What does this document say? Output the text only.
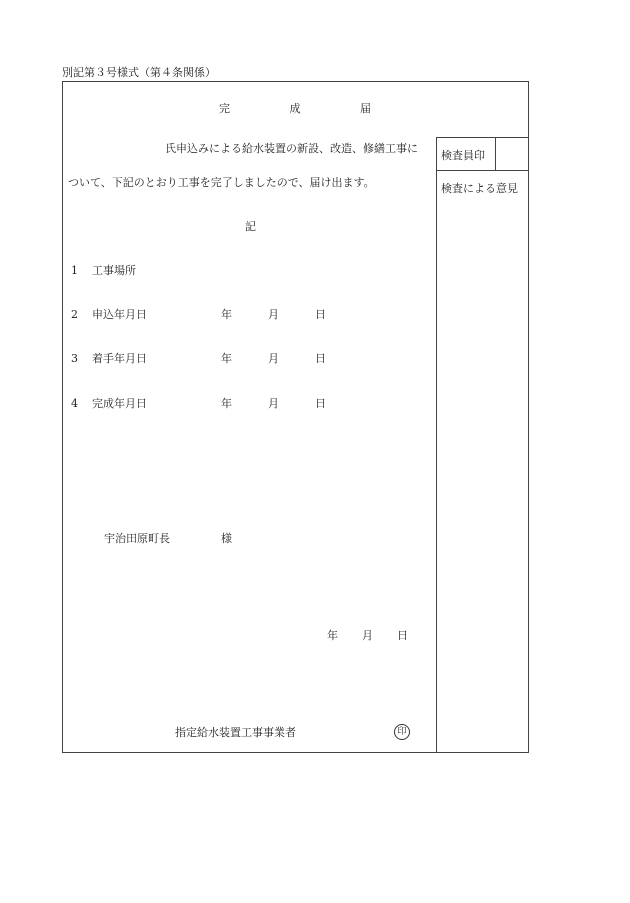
別記第３号様式（第４条関係）
完	成	届
氏申込みによる給水装置の新設、改造、修繕工事に
ついて、下記のとおり工事を完了しましたので、届け出ます。
記
1 工事場所
2 申込年月日	年	月	日
3 着手年月日	年	月	日
4 完成年月日	年	月	日
宇治田原町長	様
年 月 日
指定給水装置工事事業者	印
検査員印
検査による意見
